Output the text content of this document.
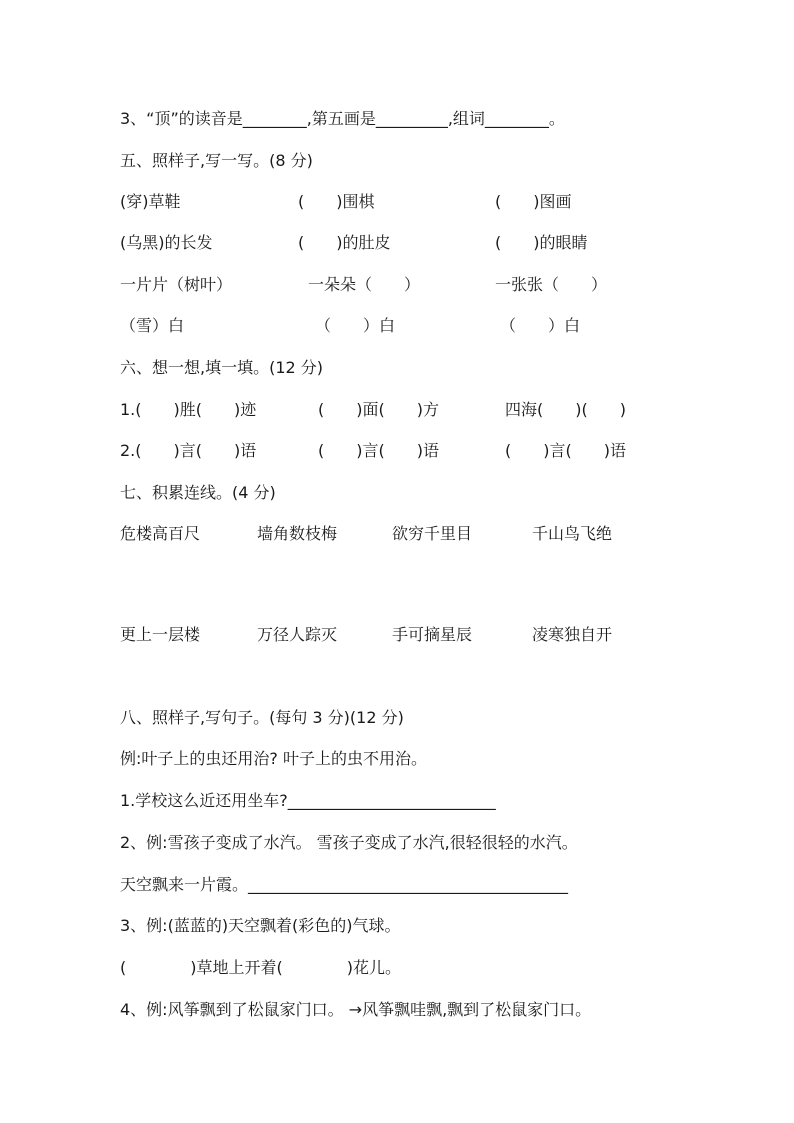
3、“顶”的读音是________,第五画是_________,组词________。
五、照样子,写一写。(8 分)
(穿)草鞋	(　　)围棋	(　　)图画
(乌黑)的长发	(　　)的肚皮	(　　)的眼睛
一片片（树叶）	一朵朵（　　）	一张张（　　）
（雪）白	（　　）白	（　　）白
六、想一想,填一填。(12 分)
1.(　　)胜(　　)迹	(　　)面(　　)方	四海(　　)(　　)
2.(　　)言(　　)语	(　　)言(　　)语	(　　)言(　　)语
七、积累连线。(4 分)
危楼高百尺	墙角数枝梅	欲穷千里目	千山鸟飞绝
更上一层楼	万径人踪灭	手可摘星辰	凌寒独自开
八、照样子,写句子。(每句 3 分)(12 分)
例:叶子上的虫还用治? 叶子上的虫不用治。
1.学校这么近还用坐车?__________________________
2、例:雪孩子变成了水汽。 雪孩子变成了水汽,很轻很轻的水汽。
天空飘来一片霞。________________________________________
3、例:(蓝蓝的)天空飘着(彩色的)气球。
(　　　　)草地上开着(　　　　)花儿。
4、例:风筝飘到了松鼠家门口。 →风筝飘哇飘,飘到了松鼠家门口。
